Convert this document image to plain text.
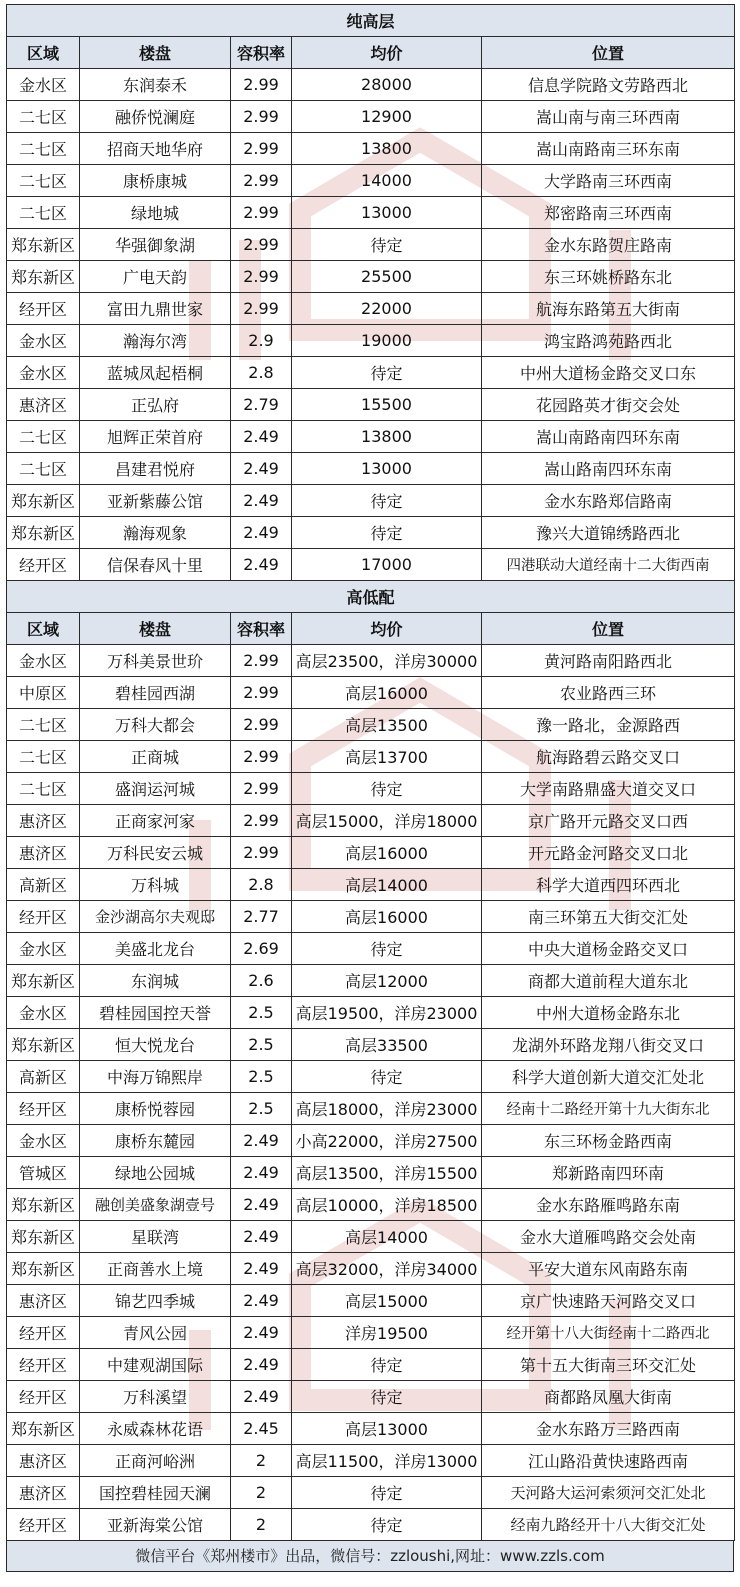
纯高层				
区域	楼盘	容积率	均价	位置
金水区	东润泰禾	2.99	28000	信息学院路文劳路西北
二七区	融侨悦澜庭	2.99	12900	嵩山南与南三环西南
二七区	招商天地华府	2.99	13800	嵩山南路南三环东南
二七区	康桥康城	2.99	14000	大学路南三环西南
二七区	绿地城	2.99	13000	郑密路南三环西南
郑东新区	华强御象湖	2.99	待定	金水东路贺庄路南
郑东新区	广电天韵	2.99	25500	东三环姚桥路东北
经开区	富田九鼎世家	2.99	22000	航海东路第五大街南
金水区	瀚海尔湾	2.9	19000	鸿宝路鸿苑路西北
金水区	蓝城凤起梧桐	2.8	待定	中州大道杨金路交叉口东
惠济区	正弘府	2.79	15500	花园路英才街交会处
二七区	旭辉正荣首府	2.49	13800	嵩山南路南四环东南
二七区	昌建君悦府	2.49	13000	嵩山路南四环东南
郑东新区	亚新紫藤公馆	2.49	待定	金水东路郑信路南
郑东新区	瀚海观象	2.49	待定	豫兴大道锦绣路西北
经开区	信保春风十里	2.49	17000	四港联动大道经南十二大街西南
高低配				
区域	楼盘	容积率	均价	位置
金水区	万科美景世玠	2.99	高层23500，洋房30000	黄河路南阳路西北
中原区	碧桂园西湖	2.99	高层16000	农业路西三环
二七区	万科大都会	2.99	高层13500	豫一路北，金源路西
二七区	正商城	2.99	高层13700	航海路碧云路交叉口
二七区	盛润运河城	2.99	待定	大学南路鼎盛大道交叉口
惠济区	正商家河家	2.99	高层15000，洋房18000	京广路开元路交叉口西
惠济区	万科民安云城	2.99	高层16000	开元路金河路交叉口北
高新区	万科城	2.8	高层14000	科学大道西四环西北
经开区	金沙湖高尔夫观邸	2.77	高层16000	南三环第五大街交汇处
金水区	美盛北龙台	2.69	待定	中央大道杨金路交叉口
郑东新区	东润城	2.6	高层12000	商都大道前程大道东北
金水区	碧桂园国控天誉	2.5	高层19500，洋房23000	中州大道杨金路东北
郑东新区	恒大悦龙台	2.5	高层33500	龙湖外环路龙翔八街交叉口
高新区	中海万锦熙岸	2.5	待定	科学大道创新大道交汇处北
经开区	康桥悦蓉园	2.5	高层18000，洋房23000	经南十二路经开第十九大街东北
金水区	康桥东麓园	2.49	小高22000，洋房27500	东三环杨金路西南
管城区	绿地公园城	2.49	高层13500，洋房15500	郑新路南四环南
郑东新区	融创美盛象湖壹号	2.49	高层10000，洋房18500	金水东路雁鸣路东南
郑东新区	星联湾	2.49	高层14000	金水大道雁鸣路交会处南
郑东新区	正商善水上境	2.49	高层32000，洋房34000	平安大道东风南路东南
惠济区	锦艺四季城	2.49	高层15000	京广快速路天河路交叉口
经开区	青风公园	2.49	洋房19500	经开第十八大街经南十二路西北
经开区	中建观湖国际	2.49	待定	第十五大街南三环交汇处
经开区	万科溪望	2.49	待定	商都路凤凰大街南
郑东新区	永威森林花语	2.45	高层13000	金水东路万三路西南
惠济区	正商河峪洲	2	高层11500，洋房13000	江山路沿黄快速路西南
惠济区	国控碧桂园天澜	2	待定	天河路大运河索须河交汇处北
经开区	亚新海棠公馆	2	待定	经南九路经开十八大街交汇处
微信平台《郑州楼市》出品，微信号：zzloushi,网址：www.zzls.com
